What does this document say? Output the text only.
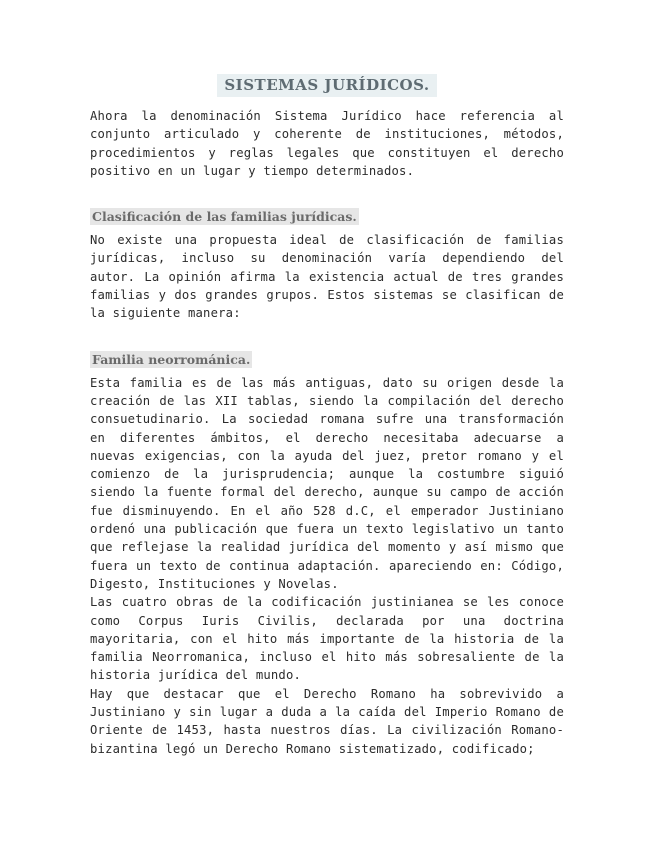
SISTEMAS JURÍDICOS.

Ahora la denominación Sistema Jurídico hace referencia al conjunto articulado y coherente de instituciones, métodos, procedimientos y reglas legales que constituyen el derecho positivo en un lugar y tiempo determinados.

Clasificación de las familias jurídicas.

No existe una propuesta ideal de clasificación de familias jurídicas, incluso su denominación varía dependiendo del autor. La opinión afirma la existencia actual de tres grandes familias y dos grandes grupos. Estos sistemas se clasifican de la siguiente manera:

Familia neorrománica.

Esta familia es de las más antiguas, dato su origen desde la creación de las XII tablas, siendo la compilación del derecho consuetudinario. La sociedad romana sufre una transformación en diferentes ámbitos, el derecho necesitaba adecuarse a nuevas exigencias, con la ayuda del juez, pretor romano y el comienzo de la jurisprudencia; aunque la costumbre siguió siendo la fuente formal del derecho, aunque su campo de acción fue disminuyendo. En el año 528 d.C, el emperador Justiniano ordenó una publicación que fuera un texto legislativo un tanto que reflejase la realidad jurídica del momento y así mismo que fuera un texto de continua adaptación. apareciendo en: Código, Digesto, Instituciones y Novelas.

Las cuatro obras de la codificación justinianea se les conoce como Corpus Iuris Civilis, declarada por una doctrina mayoritaria, con el hito más importante de la historia de la familia Neorromanica, incluso el hito más sobresaliente de la historia jurídica del mundo.

Hay que destacar que el Derecho Romano ha sobrevivido a Justiniano y sin lugar a duda a la caída del Imperio Romano de Oriente de 1453, hasta nuestros días. La civilización Romano-bizantina legó un Derecho Romano sistematizado, codificado;
